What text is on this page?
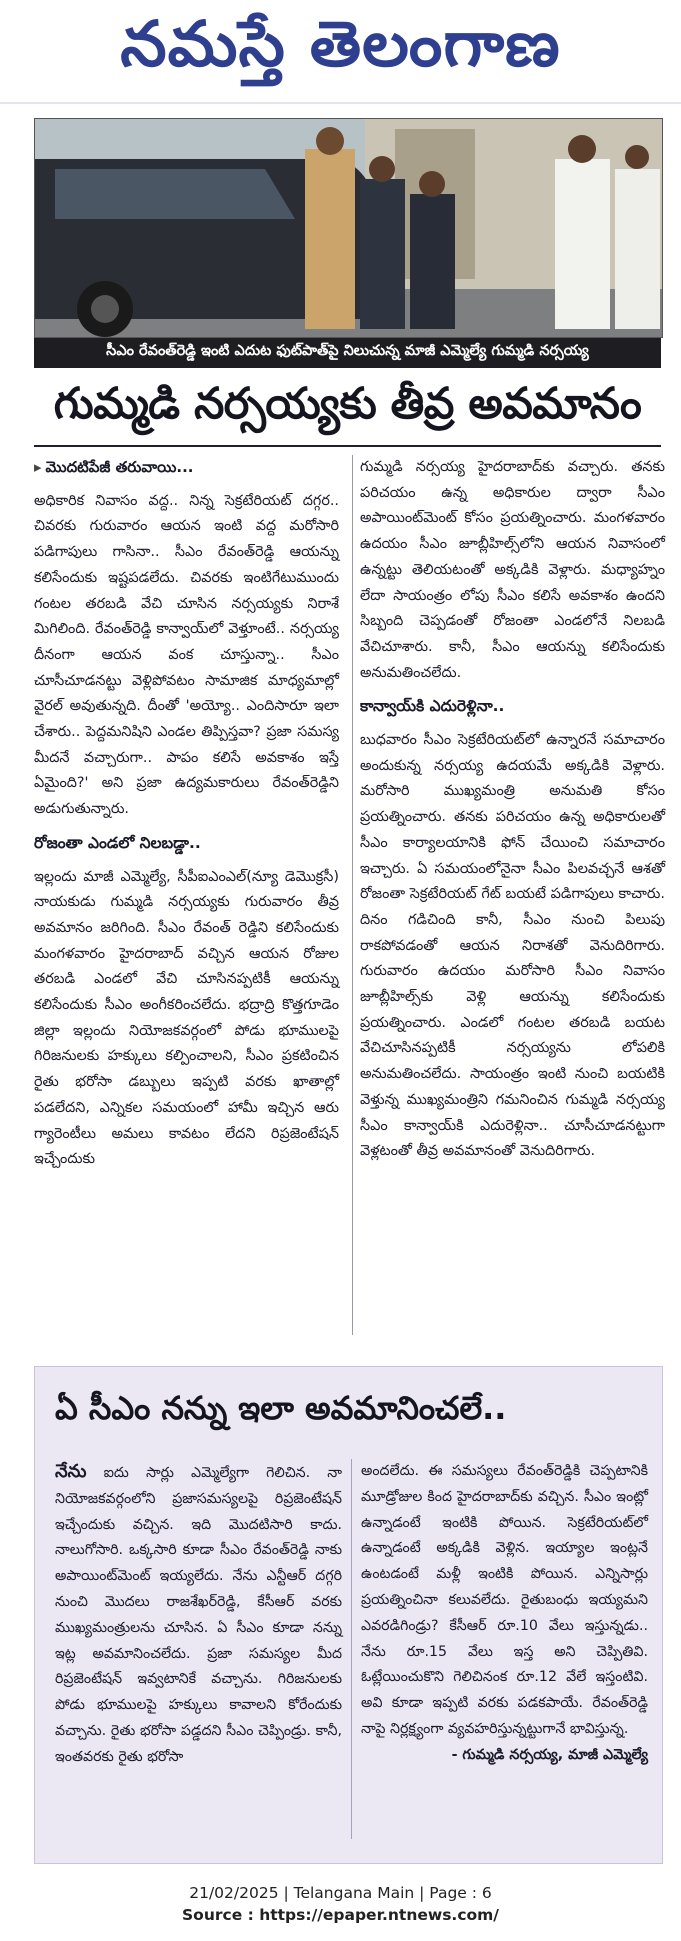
నమస్తే తెలంగాణ
సీఎం రేవంత్‌రెడ్డి ఇంటి ఎదుట ఫుట్‌పాత్‌పై నిలుచున్న మాజీ ఎమ్మెల్యే గుమ్మడి నర్సయ్య
గుమ్మడి నర్సయ్యకు తీవ్ర అవమానం

▸ మొదటిపేజీ తరువాయి...

అధికారిక నివాసం వద్ద.. నిన్న సెక్రటేరియట్ దగ్గర.. చివరకు గురువారం ఆయన ఇంటి వద్ద మరోసారి పడిగాపులు గాసినా.. సీఎం రేవంత్‌రెడ్డి ఆయన్ను కలిసేందుకు ఇష్టపడలేదు. చివరకు ఇంటిగేటుముందు గంటల తరబడి వేచి చూసిన నర్సయ్యకు నిరాశే మిగిలింది. రేవంత్‌రెడ్డి కాన్వాయ్‌లో వెళ్తూంటే.. నర్సయ్య దీనంగా ఆయన వంక చూస్తున్నా.. సీఎం చూసీచూడనట్టు వెళ్లిపోవటం సామాజిక మాధ్యమాల్లో వైరల్ అవుతున్నది. దీంతో 'అయ్యో.. ఎందిసారూ ఇలా చేశారు.. పెద్దమనిషిని ఎండల తిప్పిస్తవా? ప్రజా సమస్య మీదనే వచ్చారుగా.. పాపం కలిసే అవకాశం ఇస్తే ఏమైంది?' అని ప్రజా ఉద్యమకారులు రేవంత్‌రెడ్డిని అడుగుతున్నారు.

రోజంతా ఎండలో నిలబడ్డా..

ఇల్లందు మాజీ ఎమ్మెల్యే, సీపీఐఎంఎల్(న్యూ డెమొక్రసీ) నాయకుడు గుమ్మడి నర్సయ్యకు గురువారం తీవ్ర అవమానం జరిగింది. సీఎం రేవంత్ రెడ్డిని కలిసేందుకు మంగళవారం హైదరాబాద్ వచ్చిన ఆయన రోజుల తరబడి ఎండలో వేచి చూసినప్పటికీ ఆయన్ను కలిసేందుకు సీఎం అంగీకరించలేదు. భద్రాద్రి కొత్తగూడెం జిల్లా ఇల్లందు నియోజకవర్గంలో పోడు భూములపై గిరిజనులకు హక్కులు కల్పించాలని, సీఎం ప్రకటించిన రైతు భరోసా డబ్బులు ఇప్పటి వరకు ఖాతాల్లో పడలేదని, ఎన్నికల సమయంలో హామీ ఇచ్చిన ఆరు గ్యారెంటీలు అమలు కావటం లేదని రిప్రజెంటేషన్ ఇచ్చేందుకు

గుమ్మడి నర్సయ్య హైదరాబాద్‌కు వచ్చారు. తనకు పరిచయం ఉన్న అధికారుల ద్వారా సీఎం అపాయింట్‌మెంట్ కోసం ప్రయత్నించారు. మంగళవారం ఉదయం సీఎం జూబ్లీహిల్స్‌లోని ఆయన నివాసంలో ఉన్నట్టు తెలియటంతో అక్కడికి వెళ్లారు. మధ్యాహ్నం లేదా సాయంత్రం లోపు సీఎం కలిసే అవకాశం ఉందని సిబ్బంది చెప్పడంతో రోజంతా ఎండలోనే నిలబడి వేచిచూశారు. కానీ, సీఎం ఆయన్ను కలిసేందుకు అనుమతించలేదు.

కాన్వాయ్‌కి ఎదురెళ్లినా..

బుధవారం సీఎం సెక్రటేరియట్‌లో ఉన్నారనే సమాచారం అందుకున్న నర్సయ్య ఉదయమే అక్కడికి వెళ్లారు. మరోసారి ముఖ్యమంత్రి అనుమతి కోసం ప్రయత్నించారు. తనకు పరిచయం ఉన్న అధికారులతో సీఎం కార్యాలయానికి ఫోన్ చేయించి సమాచారం ఇచ్చారు. ఏ సమయంలోనైనా సీఎం పిలవచ్చనే ఆశతో రోజంతా సెక్రటేరియట్ గేట్ బయటే పడిగాపులు కాచారు. దినం గడిచింది కానీ, సీఎం నుంచి పిలుపు రాకపోవడంతో ఆయన నిరాశతో వెనుదిరిగారు. గురువారం ఉదయం మరోసారి సీఎం నివాసం జూబ్లీహిల్స్‌కు వెళ్లి ఆయన్ను కలిసేందుకు ప్రయత్నించారు. ఎండలో గంటల తరబడి బయట వేచిచూసినప్పటికీ నర్సయ్యను లోపలికి అనుమతించలేదు. సాయంత్రం ఇంటి నుంచి బయటికి వెళ్తున్న ముఖ్యమంత్రిని గమనించిన గుమ్మడి నర్సయ్య సీఎం కాన్వాయ్‌కి ఎదురెళ్లినా.. చూసీచూడనట్టుగా వెళ్లటంతో తీవ్ర అవమానంతో వెనుదిరిగారు.

ఏ సీఎం నన్ను ఇలా అవమానించలే..

నేను ఐదు సార్లు ఎమ్మెల్యేగా గెలిచిన. నా నియోజకవర్గంలోని ప్రజాసమస్యలపై రిప్రజెంటేషన్ ఇచ్చేందుకు వచ్చిన. ఇది మొదటిసారి కాదు. నాలుగోసారి. ఒక్కసారి కూడా సీఎం రేవంత్‌రెడ్డి నాకు అపాయింట్‌మెంట్ ఇయ్యలేదు. నేను ఎన్టీఆర్ దగ్గరి నుంచి మొదలు రాజశేఖర్‌రెడ్డి, కేసీఆర్ వరకు ముఖ్యమంత్రులను చూసిన. ఏ సీఎం కూడా నన్ను ఇట్ల అవమానించలేదు. ప్రజా సమస్యల మీద రిప్రజెంటేషన్ ఇవ్వటానికే వచ్చాను. గిరిజనులకు పోడు భూములపై హక్కులు కావాలని కోరేందుకు వచ్చాను. రైతు భరోసా పడ్డదని సీఎం చెప్పిండ్రు. కానీ, ఇంతవరకు రైతు భరోసా

అందలేదు. ఈ సమస్యలు రేవంత్‌రెడ్డికి చెప్పటానికి మూడ్రోజుల కింద హైదరాబాద్‌కు వచ్చిన. సీఎం ఇంట్లో ఉన్నాడంటే ఇంటికి పోయిన. సెక్రటేరియట్‌లో ఉన్నాడంటే అక్కడికి వెళ్లిన. ఇయ్యాల ఇంట్లనే ఉంటడంటే మళ్లీ ఇంటికి పోయిన. ఎన్నిసార్లు ప్రయత్నించినా కలువలేదు. రైతుబంధు ఇయ్యమని ఎవరడిగిండ్రు? కేసీఆర్ రూ.10 వేలు ఇస్తున్నడు.. నేను రూ.15 వేలు ఇస్త అని చెప్పితివి. ఓట్లేయించుకొని గెలిచినంక రూ.12 వేలే ఇస్తంటివి. అవి కూడా ఇప్పటి వరకు పడకపాయే. రేవంత్‌రెడ్డి నాపై నిర్లక్ష్యంగా వ్యవహరిస్తున్నట్టుగానే భావిస్తున్న.

- గుమ్మడి నర్సయ్య, మాజీ ఎమ్మెల్యే

21/02/2025 | Telangana Main | Page : 6
Source : https://epaper.ntnews.com/
